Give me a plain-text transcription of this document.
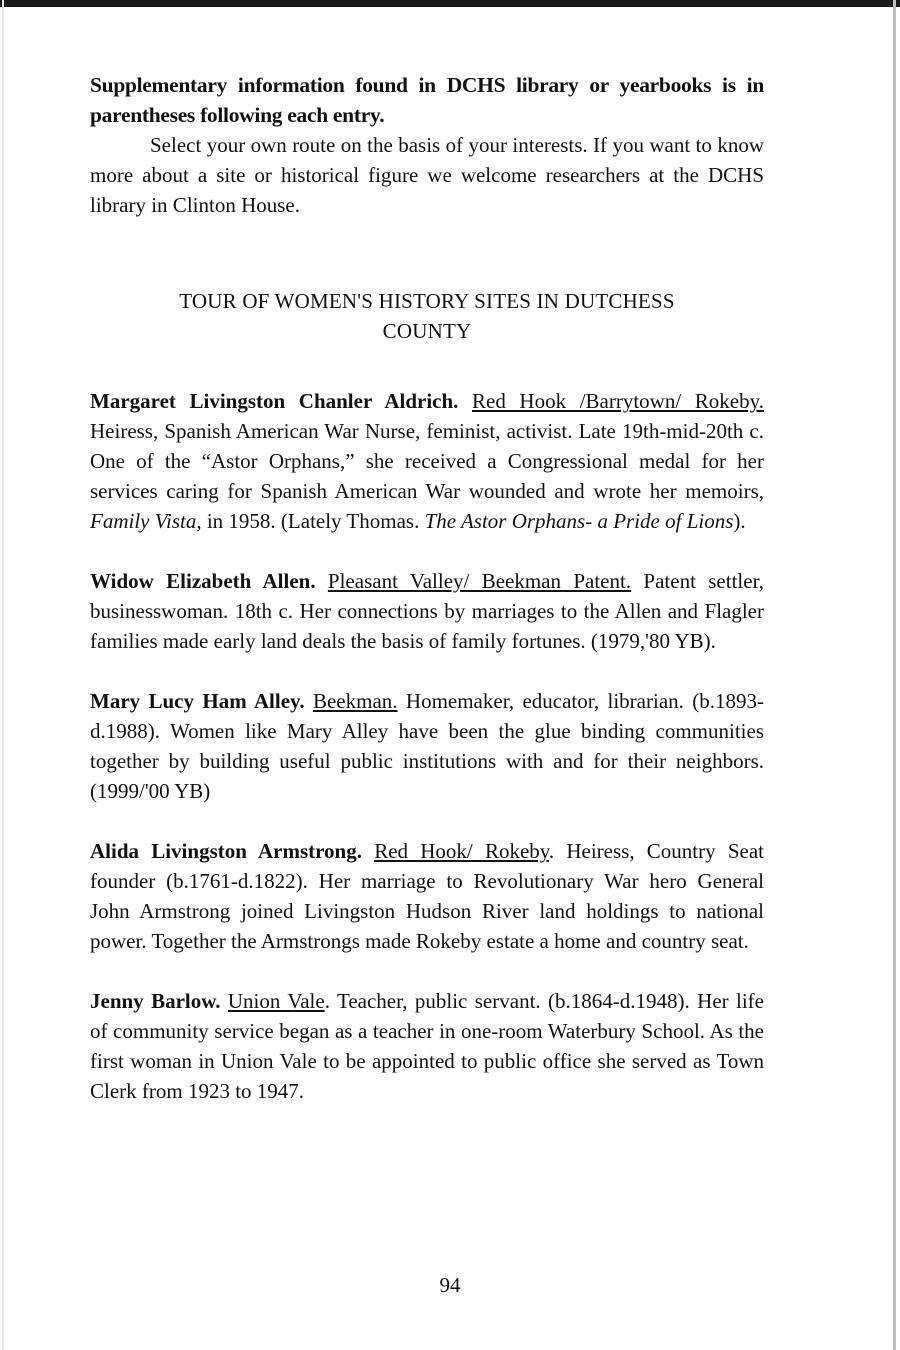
Supplementary information found in DCHS library or yearbooks is in parentheses following each entry.

Select your own route on the basis of your interests. If you want to know more about a site or historical figure we welcome researchers at the DCHS library in Clinton House.

TOUR OF WOMEN'S HISTORY SITES IN DUTCHESS
COUNTY

Margaret Livingston Chanler Aldrich. Red Hook /Barrytown/ Rokeby. Heiress, Spanish American War Nurse, feminist, activist. Late 19th-mid-20th c. One of the “Astor Orphans,” she received a Congressional medal for her services caring for Spanish American War wounded and wrote her memoirs, Family Vista, in 1958. (Lately Thomas. The Astor Orphans- a Pride of Lions).

Widow Elizabeth Allen. Pleasant Valley/ Beekman Patent. Patent settler, businesswoman. 18th c. Her connections by marriages to the Allen and Flagler families made early land deals the basis of family fortunes. (1979,'80 YB).

Mary Lucy Ham Alley. Beekman. Homemaker, educator, librarian. (b.1893-d.1988). Women like Mary Alley have been the glue binding communities together by building useful public institutions with and for their neighbors. (1999/'00 YB)

Alida Livingston Armstrong. Red Hook/ Rokeby. Heiress, Country Seat founder (b.1761-d.1822). Her marriage to Revolutionary War hero General John Armstrong joined Livingston Hudson River land holdings to national power. Together the Armstrongs made Rokeby estate a home and country seat.

Jenny Barlow. Union Vale. Teacher, public servant. (b.1864-d.1948). Her life of community service began as a teacher in one-room Waterbury School. As the first woman in Union Vale to be appointed to public office she served as Town Clerk from 1923 to 1947.

94
